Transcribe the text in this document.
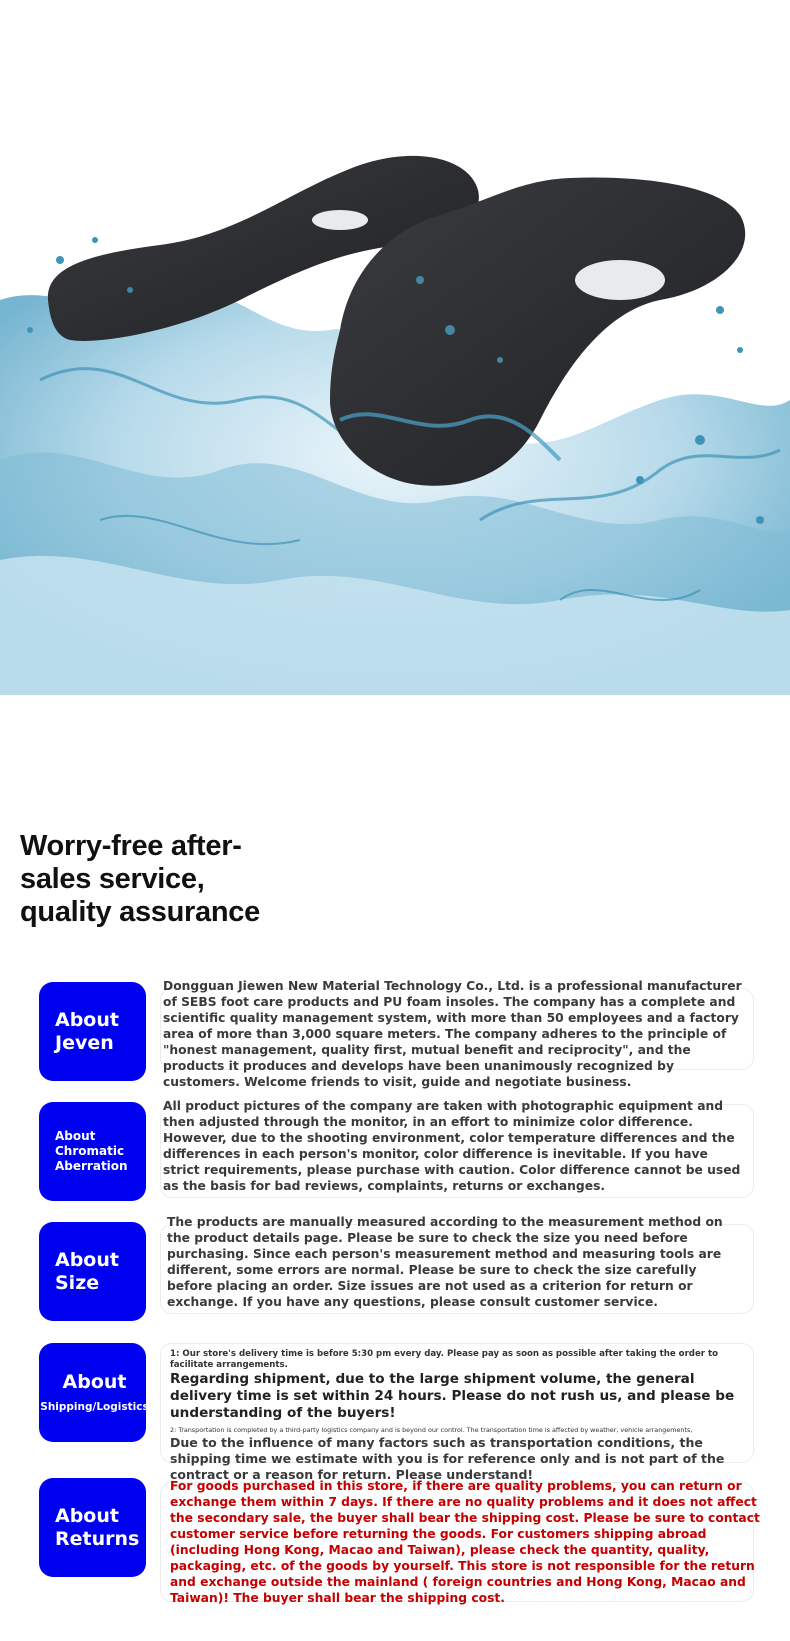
Worry-free after-
sales service,
quality assurance
About
Jeven
Dongguan Jiewen New Material Technology Co., Ltd. is a professional manufacturer of SEBS foot care products and PU foam insoles. The company has a complete and scientific quality management system, with more than 50 employees and a factory area of more than 3,000 square meters. The company adheres to the principle of "honest management, quality first, mutual benefit and reciprocity", and the products it produces and develops have been unanimously recognized by customers. Welcome friends to visit, guide and negotiate business.
About
Chromatic
Aberration
All product pictures of the company are taken with photographic equipment and then adjusted through the monitor, in an effort to minimize color difference. However, due to the shooting environment, color temperature differences and the differences in each person's monitor, color difference is inevitable. If you have strict requirements, please purchase with caution. Color difference cannot be used as the basis for bad reviews, complaints, returns or exchanges.
About
Size
The products are manually measured according to the measurement method on the product details page. Please be sure to check the size you need before purchasing. Since each person's measurement method and measuring tools are different, some errors are normal. Please be sure to check the size carefully before placing an order. Size issues are not used as a criterion for return or exchange. If you have any questions, please consult customer service.
About
Shipping/Logistics
1: Our store's delivery time is before 5:30 pm every day. Please pay as soon as possible after taking the order to facilitate arrangements.
Regarding shipment, due to the large shipment volume, the general delivery time is set within 24 hours. Please do not rush us, and please be understanding of the buyers!
2: Transportation is completed by a third-party logistics company and is beyond our control. The transportation time is affected by weather, vehicle arrangements,
Due to the influence of many factors such as transportation conditions, the shipping time we estimate with you is for reference only and is not part of the contract or a reason for return. Please understand!
About
Returns
For goods purchased in this store, if there are quality problems, you can return or exchange them within 7 days. If there are no quality problems and it does not affect the secondary sale, the buyer shall bear the shipping cost. Please be sure to contact customer service before returning the goods. For customers shipping abroad (including Hong Kong, Macao and Taiwan), please check the quantity, quality, packaging, etc. of the goods by yourself. This store is not responsible for the return and exchange outside the mainland ( foreign countries and Hong Kong, Macao and Taiwan)! The buyer shall bear the shipping cost.
